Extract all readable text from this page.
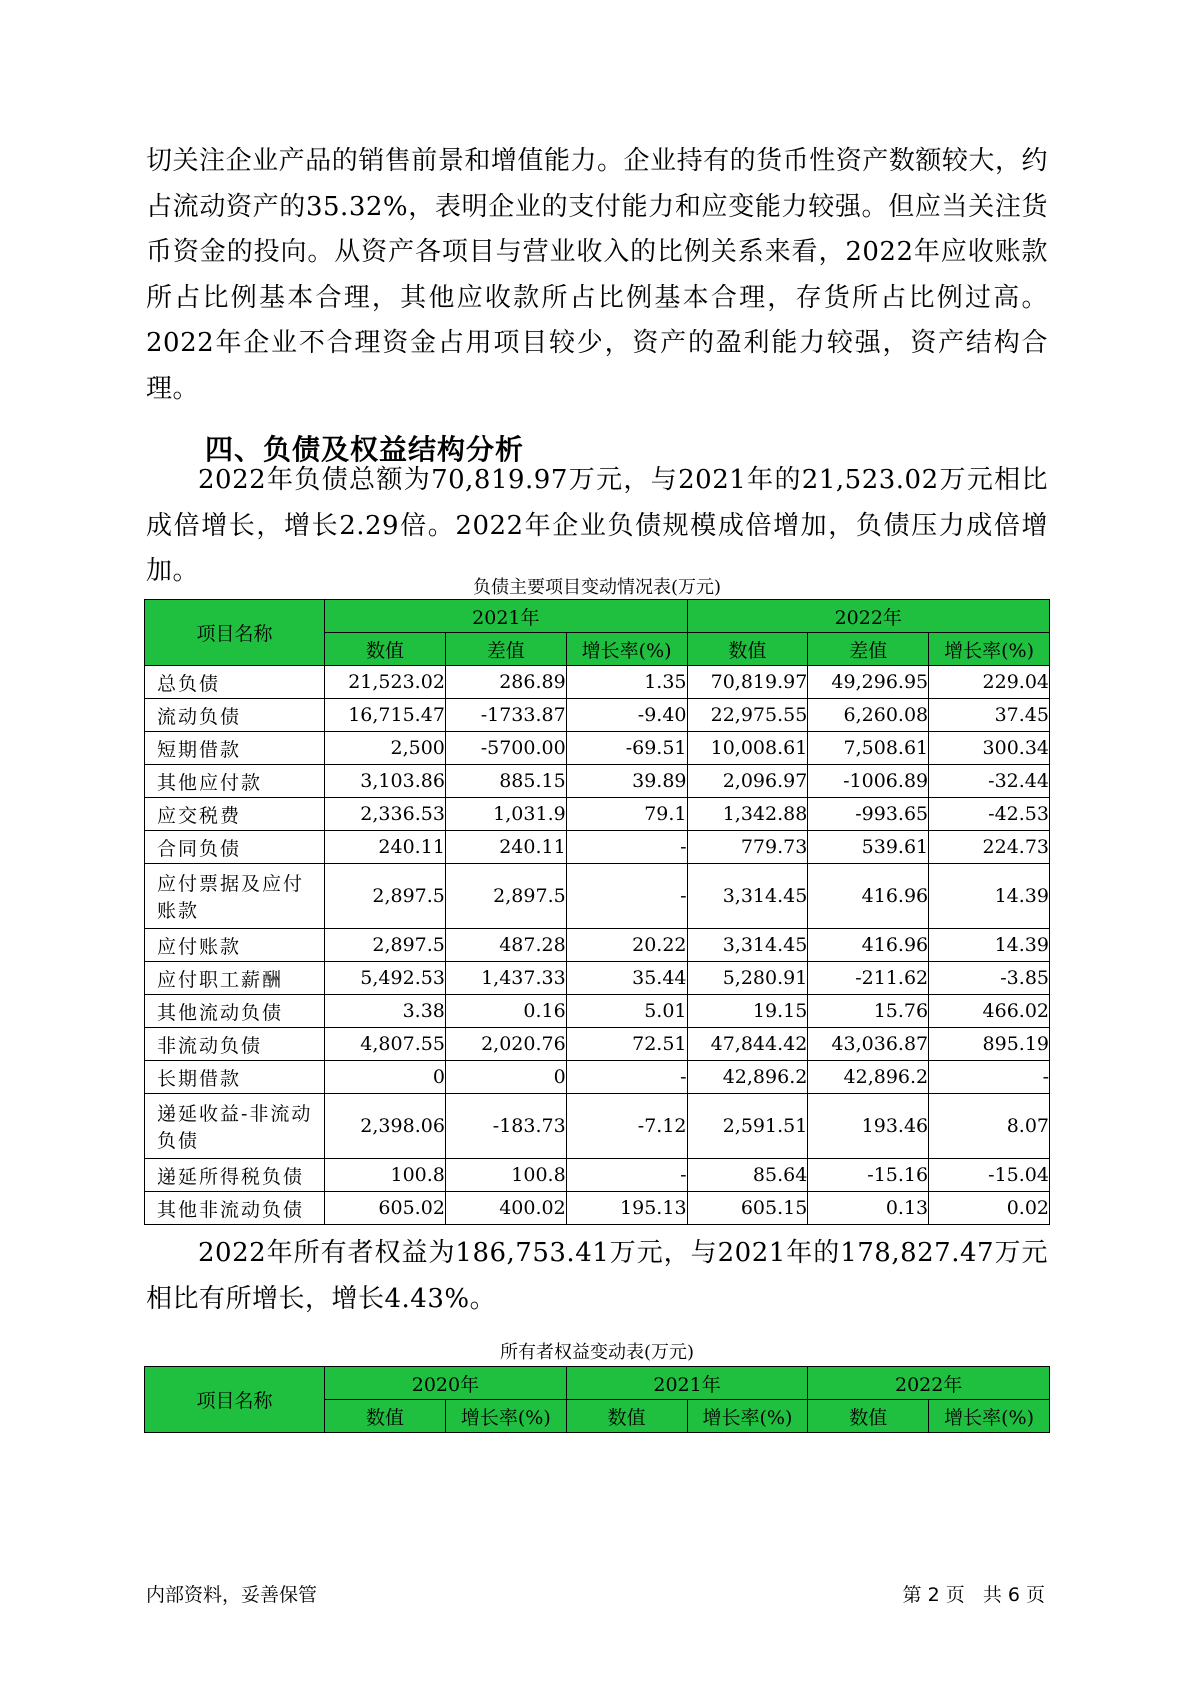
切关注企业产品的销售前景和增值能力。企业持有的货币性资产数额较大，约占流动资产的35.32%，表明企业的支付能力和应变能力较强。但应当关注货币资金的投向。从资产各项目与营业收入的比例关系来看，2022年应收账款所占比例基本合理，其他应收款所占比例基本合理，存货所占比例过高。2022年企业不合理资金占用项目较少，资产的盈利能力较强，资产结构合理。

四、负债及权益结构分析

2022年负债总额为70,819.97万元，与2021年的21,523.02万元相比成倍增长，增长2.29倍。2022年企业负债规模成倍增加，负债压力成倍增加。

负债主要项目变动情况表(万元)

项目名称	2021年			2022年		
	数值	差值	增长率(%)	数值	差值	增长率(%)
总负债	21,523.02	286.89	1.35	70,819.97	49,296.95	229.04
流动负债	16,715.47	-1733.87	-9.40	22,975.55	6,260.08	37.45
短期借款	2,500	-5700.00	-69.51	10,008.61	7,508.61	300.34
其他应付款	3,103.86	885.15	39.89	2,096.97	-1006.89	-32.44
应交税费	2,336.53	1,031.9	79.1	1,342.88	-993.65	-42.53
合同负债	240.11	240.11	-	779.73	539.61	224.73
应付票据及应付账款	2,897.5	2,897.5	-	3,314.45	416.96	14.39
应付账款	2,897.5	487.28	20.22	3,314.45	416.96	14.39
应付职工薪酬	5,492.53	1,437.33	35.44	5,280.91	-211.62	-3.85
其他流动负债	3.38	0.16	5.01	19.15	15.76	466.02
非流动负债	4,807.55	2,020.76	72.51	47,844.42	43,036.87	895.19
长期借款	0	0	-	42,896.2	42,896.2	-
递延收益-非流动负债	2,398.06	-183.73	-7.12	2,591.51	193.46	8.07
递延所得税负债	100.8	100.8	-	85.64	-15.16	-15.04
其他非流动负债	605.02	400.02	195.13	605.15	0.13	0.02

2022年所有者权益为186,753.41万元，与2021年的178,827.47万元相比有所增长，增长4.43%。

所有者权益变动表(万元)

项目名称	2020年		2021年		2022年	
	数值	增长率(%)	数值	增长率(%)	数值	增长率(%)
内部资料，妥善保管	第 2 页   共 6 页
